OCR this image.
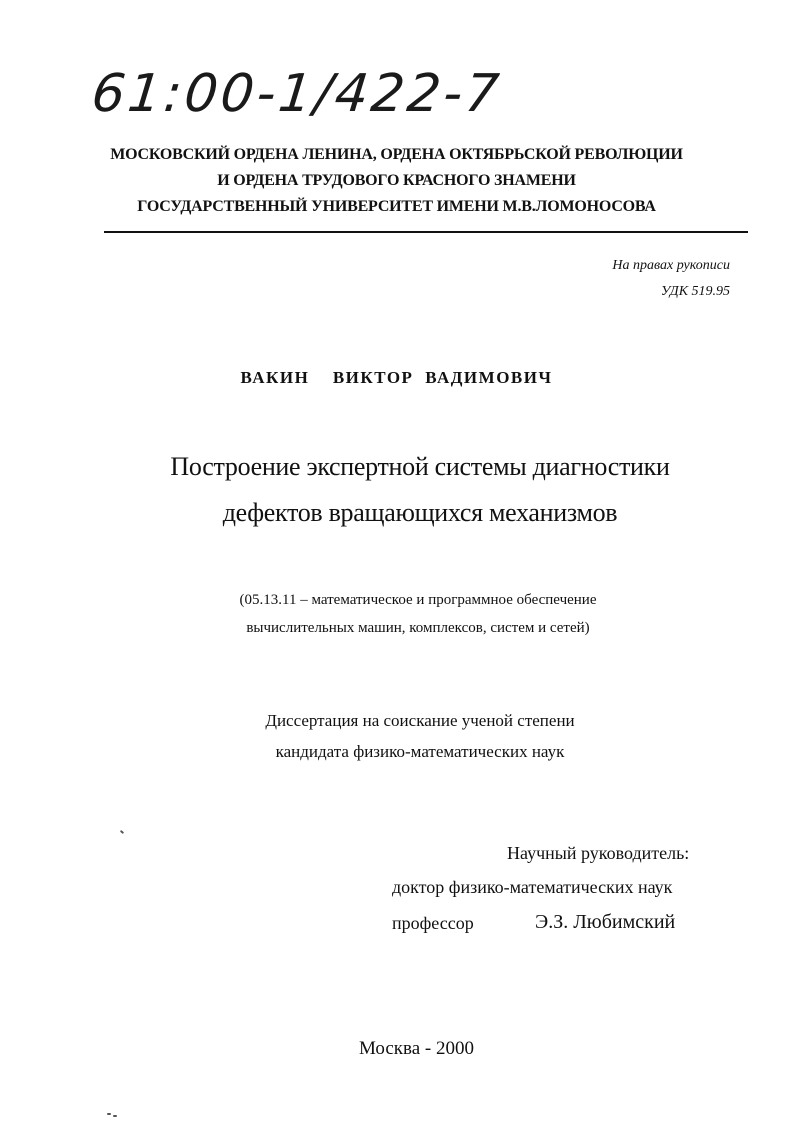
61:00-1/422-7
МОСКОВСКИЙ ОРДЕНА ЛЕНИНА, ОРДЕНА ОКТЯБРЬСКОЙ РЕВОЛЮЦИИ
И ОРДЕНА ТРУДОВОГО КРАСНОГО ЗНАМЕНИ
ГОСУДАРСТВЕННЫЙ УНИВЕРСИТЕТ ИМЕНИ М.В.ЛОМОНОСОВА
На правах рукописи
УДК 519.95
ВАКИН  ВИКТОР ВАДИМОВИЧ
Построение экспертной системы диагностики
дефектов вращающихся механизмов
(05.13.11 – математическое и программное обеспечение
вычислительных машин, комплексов, систем и сетей)
Диссертация на соискание ученой степени
кандидата физико-математических наук
Научный руководитель:
доктор физико-математических наук
профессор	Э.З. Любимский
Москва - 2000
